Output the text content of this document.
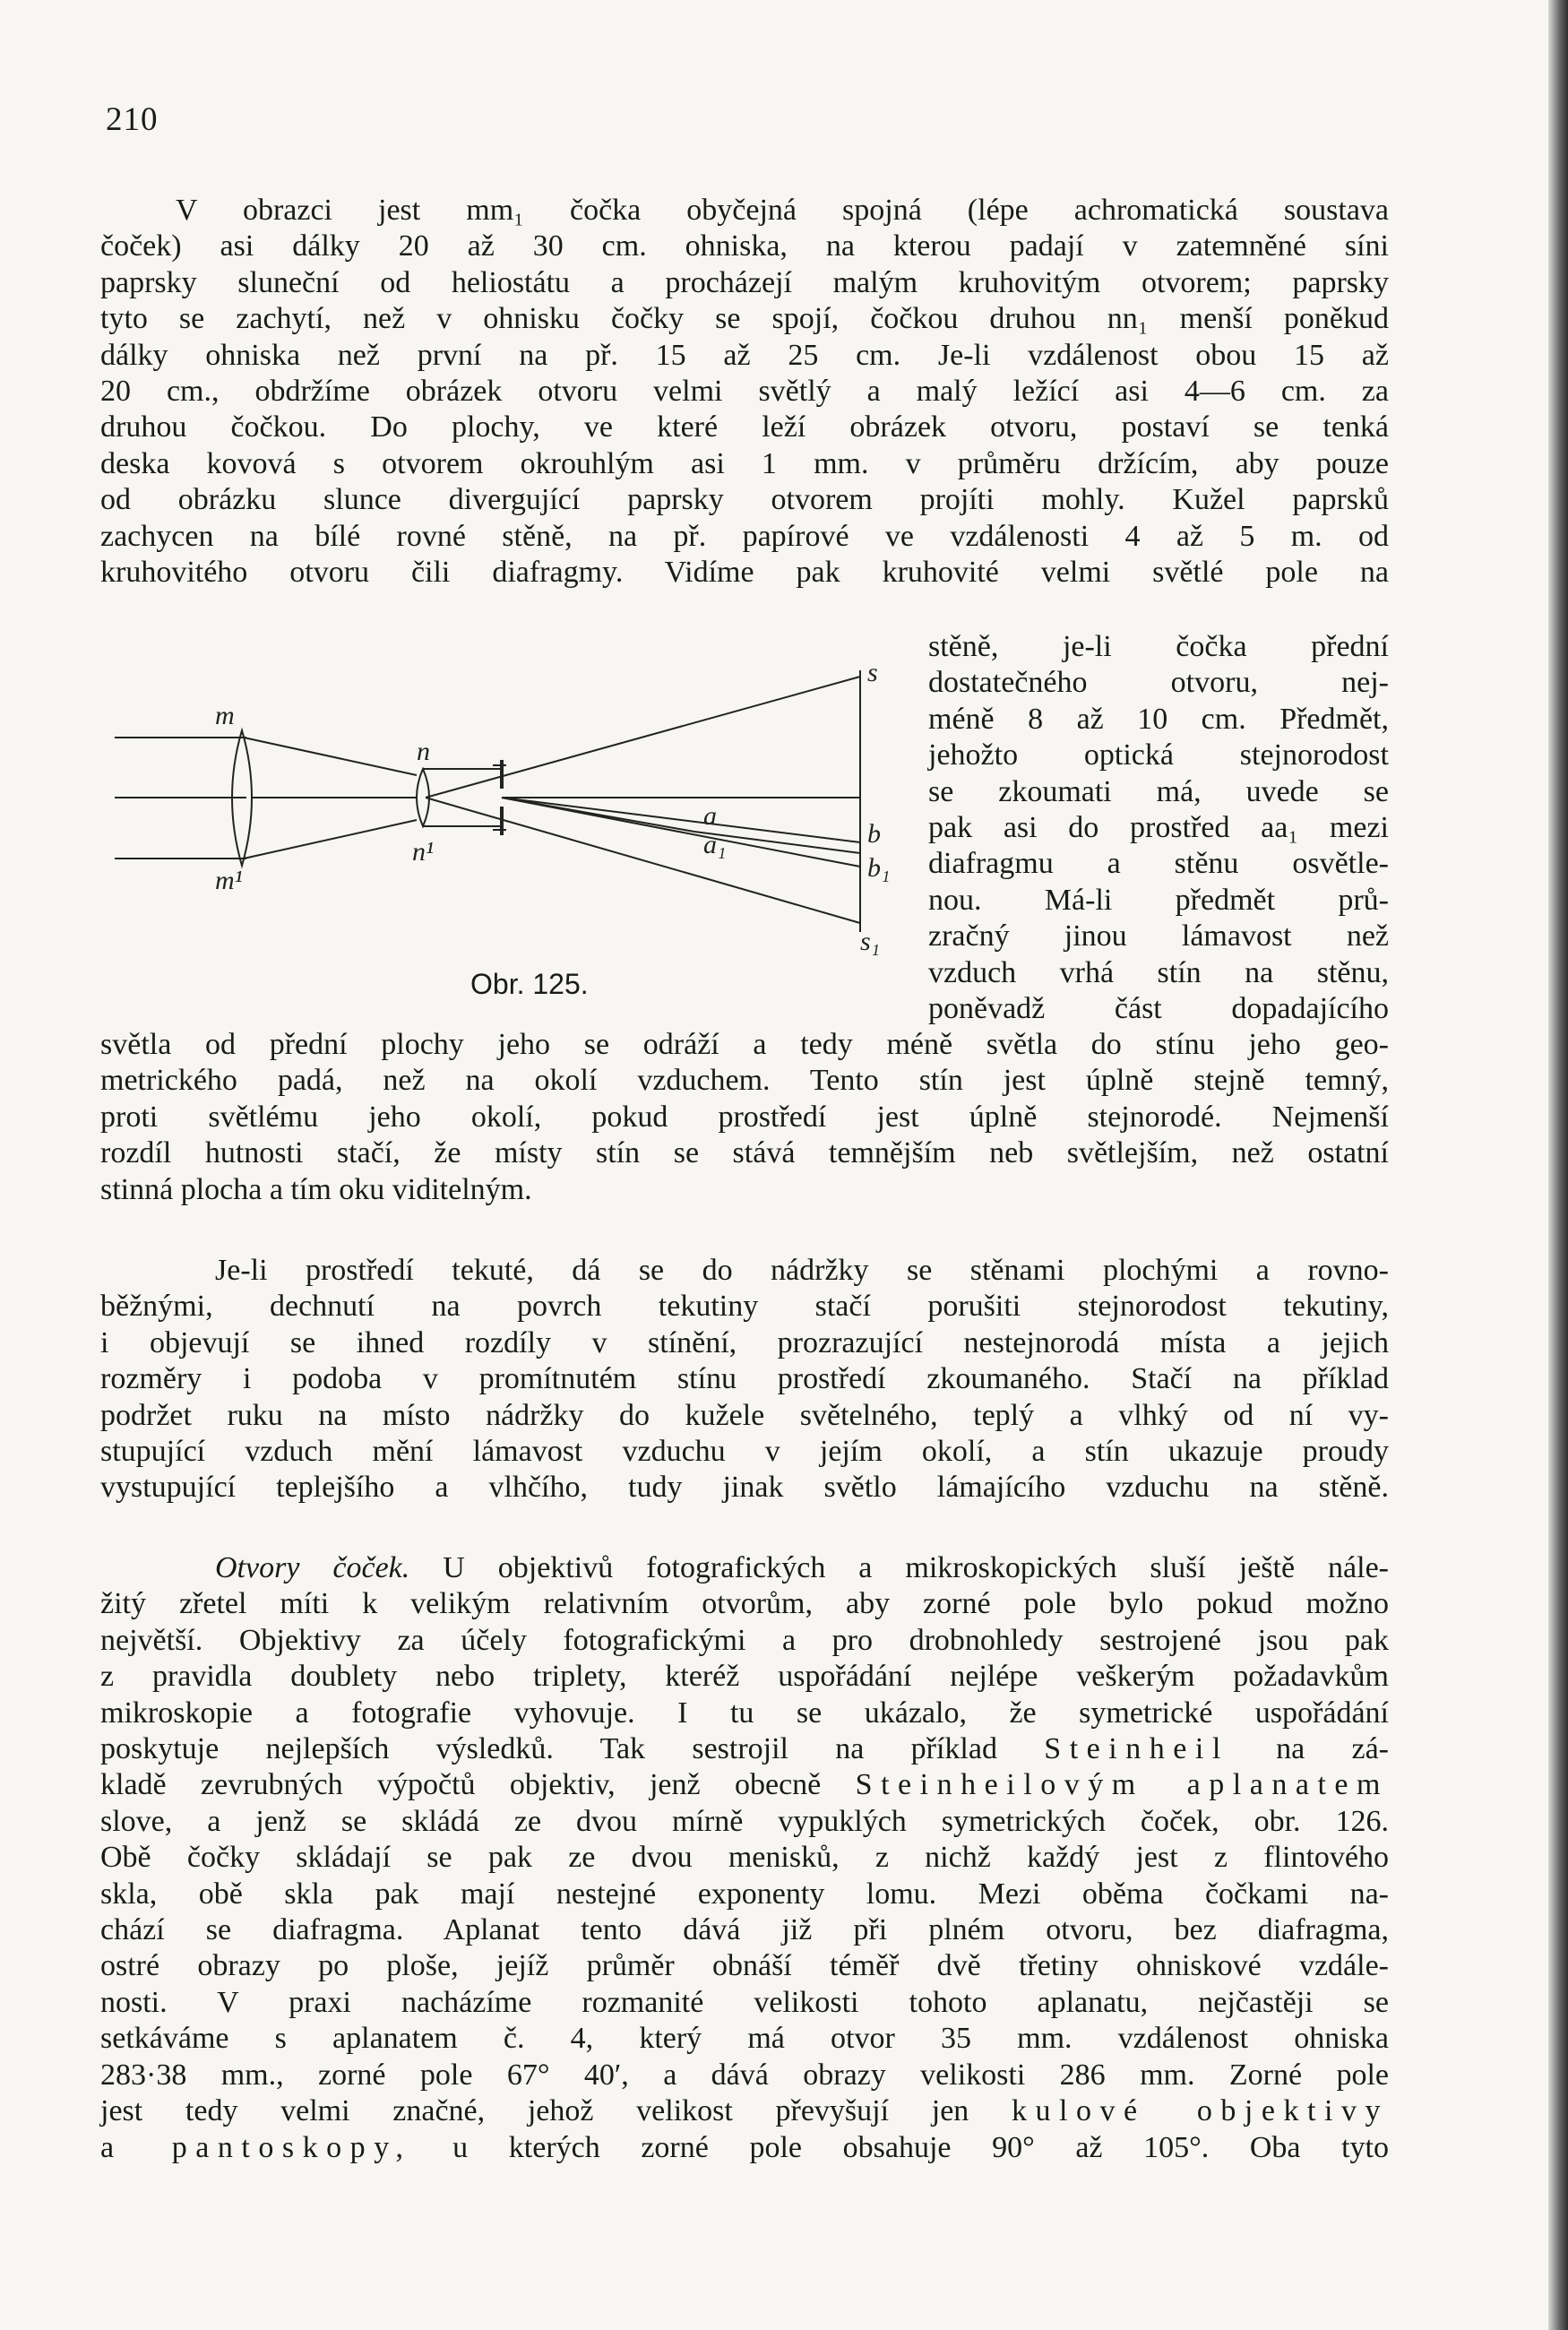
210
V obrazci jest mm₁ čočka obyčejná spojná (lépe achromatická soustava
čoček) asi dálky 20 až 30 cm. ohniska, na kterou padají v zatemněné síni
paprsky sluneční od heliostátu a procházejí malým kruhovitým otvorem; paprsky
tyto se zachytí, než v ohnisku čočky se spojí, čočkou druhou nn₁ menší poněkud
dálky ohniska než první na př. 15 až 25 cm. Je-li vzdálenost obou 15 až
20 cm., obdržíme obrázek otvoru velmi světlý a malý ležící asi 4—6 cm. za
druhou čočkou. Do plochy, ve které leží obrázek otvoru, postaví se tenká
deska kovová s otvorem okrouhlým asi 1 mm. v průměru držícím, aby pouze
od obrázku slunce divergující paprsky otvorem projíti mohly. Kužel paprsků
zachycen na bílé rovné stěně, na př. papírové ve vzdálenosti 4 až 5 m. od
kruhovitého otvoru čili diafragmy. Vidíme pak kruhovité velmi světlé pole na
m
m¹
n
n¹
a
a₁
s
b
b₁
s₁
Obr. 125.
stěně, je-li čočka přední
dostatečného otvoru, nej-
méně 8 až 10 cm. Předmět,
jehožto optická stejnorodost
se zkoumati má, uvede se
pak asi do prostřed aa₁ mezi
diafragmu a stěnu osvětle-
nou. Má-li předmět prů-
zračný jinou lámavost než
vzduch vrhá stín na stěnu,
poněvadž část dopadajícího
světla od přední plochy jeho se odráží a tedy méně světla do stínu jeho geo-
metrického padá, než na okolí vzduchem. Tento stín jest úplně stejně temný,
proti světlému jeho okolí, pokud prostředí jest úplně stejnorodé. Nejmenší
rozdíl hutnosti stačí, že místy stín se stává temnějším neb světlejším, než ostatní
stinná plocha a tím oku viditelným.
Je-li prostředí tekuté, dá se do nádržky se stěnami plochými a rovno-
běžnými, dechnutí na povrch tekutiny stačí porušiti stejnorodost tekutiny,
i objevují se ihned rozdíly v stínění, prozrazující nestejnorodá místa a jejich
rozměry i podoba v promítnutém stínu prostředí zkoumaného. Stačí na příklad
podržet ruku na místo nádržky do kužele světelného, teplý a vlhký od ní vy-
stupující vzduch mění lámavost vzduchu v jejím okolí, a stín ukazuje proudy
vystupující teplejšího a vlhčího, tudy jinak světlo lámajícího vzduchu na stěně.
Otvory čoček. U objektivů fotografických a mikroskopických sluší ještě nále-
žitý zřetel míti k velikým relativním otvorům, aby zorné pole bylo pokud možno
největší. Objektivy za účely fotografickými a pro drobnohledy sestrojené jsou pak
z pravidla doublety nebo triplety, kteréž uspořádání nejlépe veškerým požadavkům
mikroskopie a fotografie vyhovuje. I tu se ukázalo, že symetrické uspořádání
poskytuje nejlepších výsledků. Tak sestrojil na příklad Steinheil na zá-
kladě zevrubných výpočtů objektiv, jenž obecně Steinheilovým aplanatem
slove, a jenž se skládá ze dvou mírně vypuklých symetrických čoček, obr. 126.
Obě čočky skládají se pak ze dvou menisků, z nichž každý jest z flintového
skla, obě skla pak mají nestejné exponenty lomu. Mezi oběma čočkami na-
chází se diafragma. Aplanat tento dává již při plném otvoru, bez diafragma,
ostré obrazy po ploše, jejíž průměr obnáší téměř dvě třetiny ohniskové vzdále-
nosti. V praxi nacházíme rozmanité velikosti tohoto aplanatu, nejčastěji se
setkáváme s aplanatem č. 4, který má otvor 35 mm. vzdálenost ohniska
283·38 mm., zorné pole 67° 40′, a dává obrazy velikosti 286 mm. Zorné pole
jest tedy velmi značné, jehož velikost převyšují jen kulové objektivy
a pantoskopy, u kterých zorné pole obsahuje 90° až 105°. Oba tyto
